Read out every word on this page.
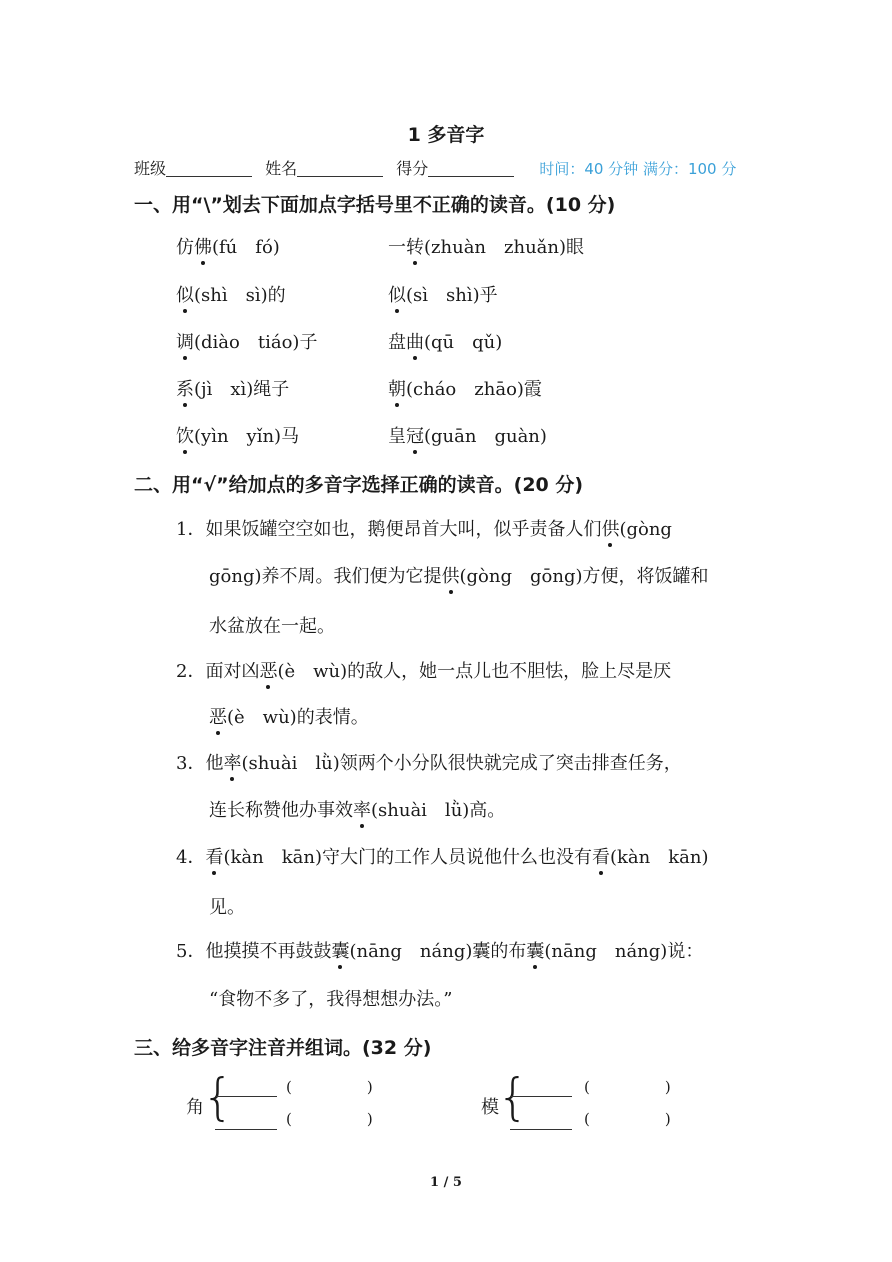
1 多音字
班级	姓名	得分	时间：40 分钟 满分：100 分
一、用“\”划去下面加点字括号里不正确的读音。(10 分)
仿佛(fú　fó)	一转(zhuàn　zhuǎn)眼
似(shì　sì)的	似(sì　shì)乎
调(diào　tiáo)子	盘曲(qū　qǔ)
系(jì　xì)绳子	朝(cháo　zhāo)霞
饮(yìn　yǐn)马	皇冠(guān　guàn)
二、用“√”给加点的多音字选择正确的读音。(20 分)
1．如果饭罐空空如也，鹅便昂首大叫，似乎责备人们供(gòng
gōng)养不周。我们便为它提供(gòng　gōng)方便，将饭罐和
水盆放在一起。
2．面对凶恶(è　wù)的敌人，她一点儿也不胆怯，脸上尽是厌
恶(è　wù)的表情。
3．他率(shuài　lǜ)领两个小分队很快就完成了突击排查任务，
连长称赞他办事效率(shuài　lǜ)高。
4．看(kàn　kān)守大门的工作人员说他什么也没有看(kàn　kān)
见。
5．他摸摸不再鼓鼓囊(nāng　náng)囊的布囊(nāng　náng)说：
“食物不多了，我得想想办法。”
三、给多音字注音并组词。(32 分)
角
{	(　　　　　)
(　　　　　)
模
{	(　　　　　)
(　　　　　)
1 / 5
